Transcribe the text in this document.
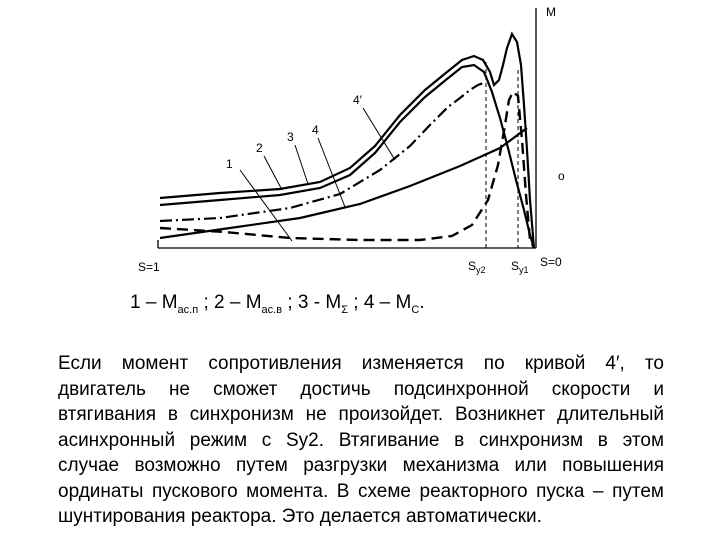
1
2
3 4
4′
M
o
S=1	$S_{y2}$ $S_{y1}$
S=0
$1 - M_{ас.п}$ ; $2 - M_{ас.в}$ ; $3 - M_\Sigma$ ; $4 - M_С$.
Если момент сопротивления изменяется по кривой 4′, то
двигатель не сможет достичь подсинхронной скорости и
втягивания в синхронизм не произойдет. Возникнет длительный
асинхронный режим с Sy2. Втягивание в синхронизм в этом
случае возможно путем разгрузки механизма или повышения
ординаты пускового момента. В схеме реакторного пуска – путем
шунтирования реактора. Это делается автоматически.
